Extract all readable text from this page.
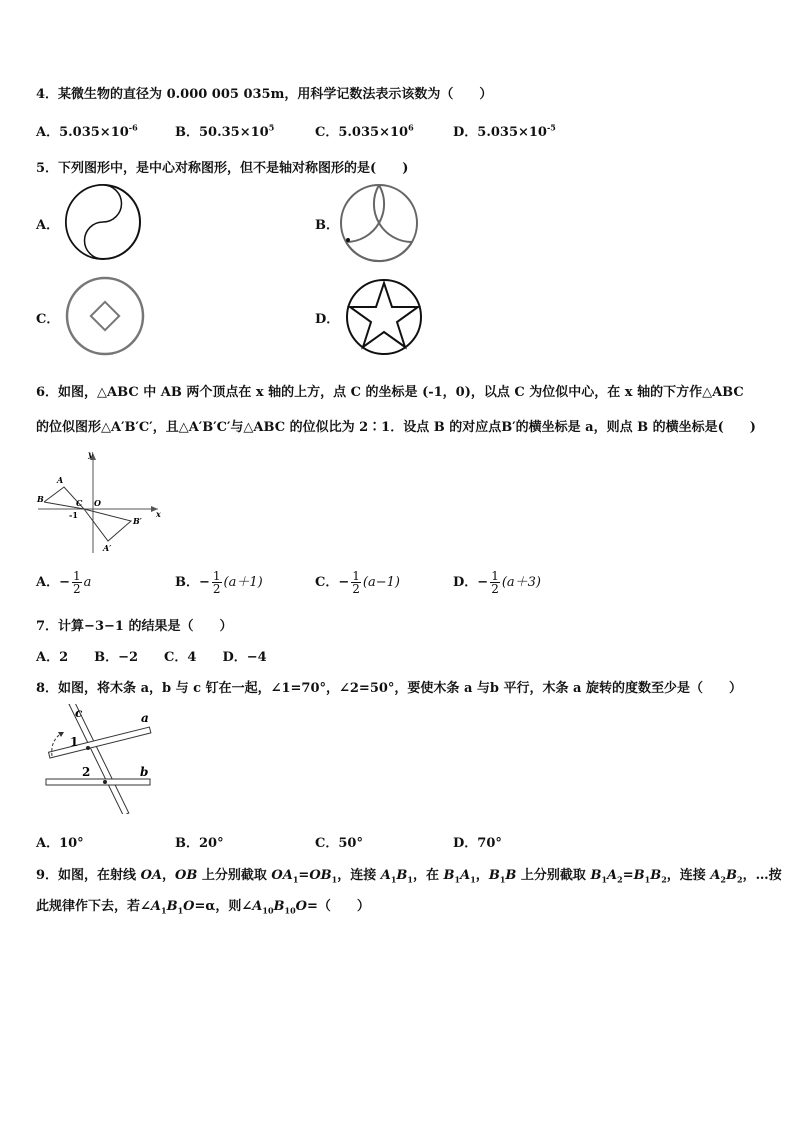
4．某微生物的直径为 0.000 005 035m，用科学记数法表示该数为（　　）
A．$5.035\times 10^{-6}$	B．$50.35\times 10^5$	C．$5.035\times 10^6$	D．$5.035\times 10^{-5}$
5．下列图形中，是中心对称图形，但不是轴对称图形的是(　　)
A．	B．
C．	D．
6．如图，△ABC 中 AB 两个顶点在 x 轴的上方，点 C 的坐标是 (-1，0)，以点 C 为位似中心，在 x 轴的下方作△ABC
的位似图形△A′B′C′，且△A′B′C′与△ABC 的位似比为 2∶1．设点 B 的对应点B′的横坐标是 a，则点 B 的横坐标是(　　)
y
x
A
B	C O
-1
B′
A′
A．− $\frac{1}{2}$ a	B．− $\frac{1}{2} (a+1)$	C．− $\frac{1}{2} (a-1)$	D．− $\frac{1}{2} (a+3)$
7．计算−3−1 的结果是（　　）
A．2　　B．−2　　C．4　　D．−4
8．如图，将木条 a，b 与 c 钉在一起，∠1=70°，∠2=50°，要使木条 a 与b 平行，木条 a 旋转的度数至少是（　　）
c	a
b
1
2
A．10°	B．20°	C．50°	D．70°
9．如图，在射线 OA，OB 上分别截取 $OA_1=OB_1$，连接 $A_1B_1$，在 $B_1A_1$，$B_1B$ 上分别截取 $B_1A_2=B_1B_2$，连接 $A_2B_2$，…按
此规律作下去，若$\angle A_1B_1O=\alpha$，则$\angle A_{10}B_{10}O=$（　　）
